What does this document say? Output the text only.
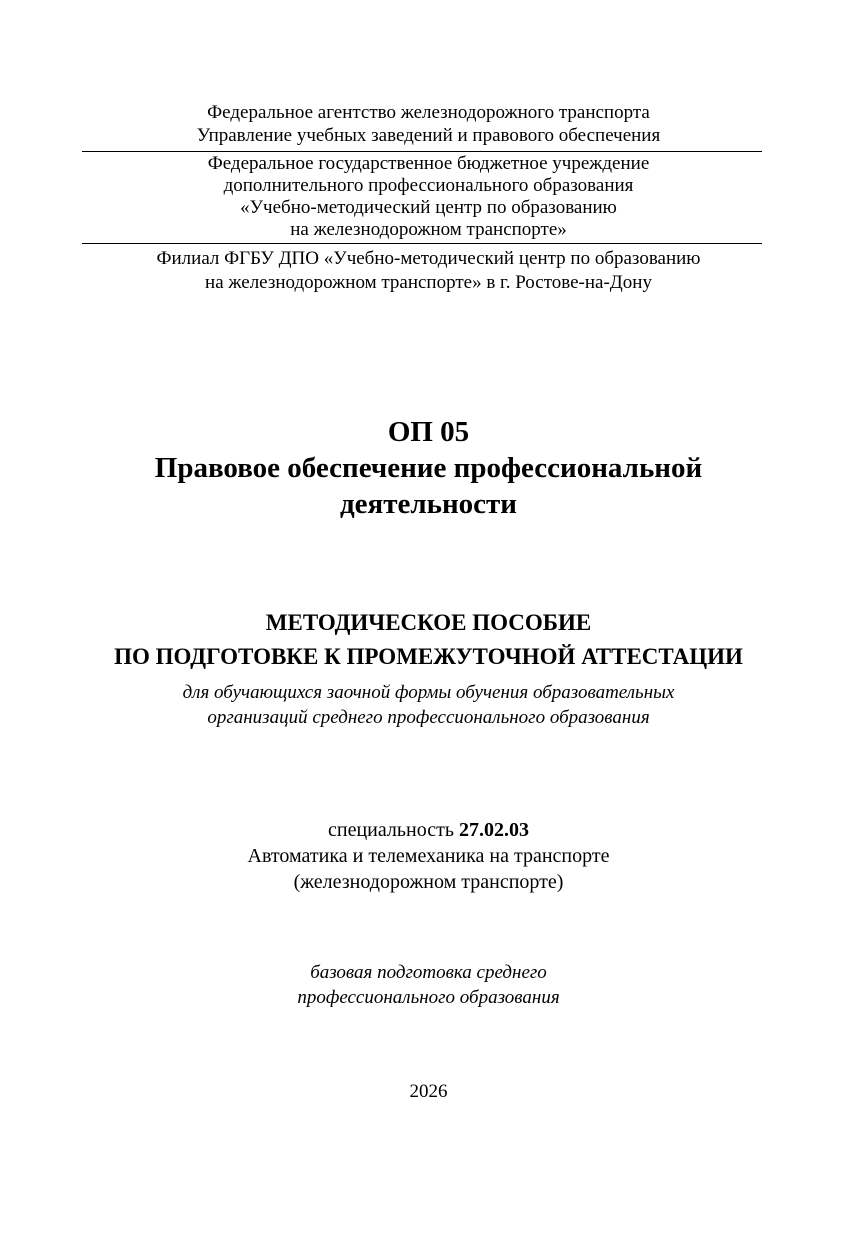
Федеральное агентство железнодорожного транспорта
Управление учебных заведений и правового обеспечения
Федеральное государственное бюджетное учреждение
дополнительного профессионального образования
«Учебно-методический центр по образованию
на железнодорожном транспорте»
Филиал ФГБУ ДПО «Учебно-методический центр по образованию
на железнодорожном транспорте» в г. Ростове-на-Дону
ОП 05
Правовое обеспечение профессиональной
деятельности
МЕТОДИЧЕСКОЕ ПОСОБИЕ
ПО ПОДГОТОВКЕ К ПРОМЕЖУТОЧНОЙ АТТЕСТАЦИИ
для обучающихся заочной формы обучения образовательных
организаций среднего профессионального образования
специальность 27.02.03
Автоматика и телемеханика на транспорте
(железнодорожном транспорте)
базовая подготовка среднего
профессионального образования
2026
